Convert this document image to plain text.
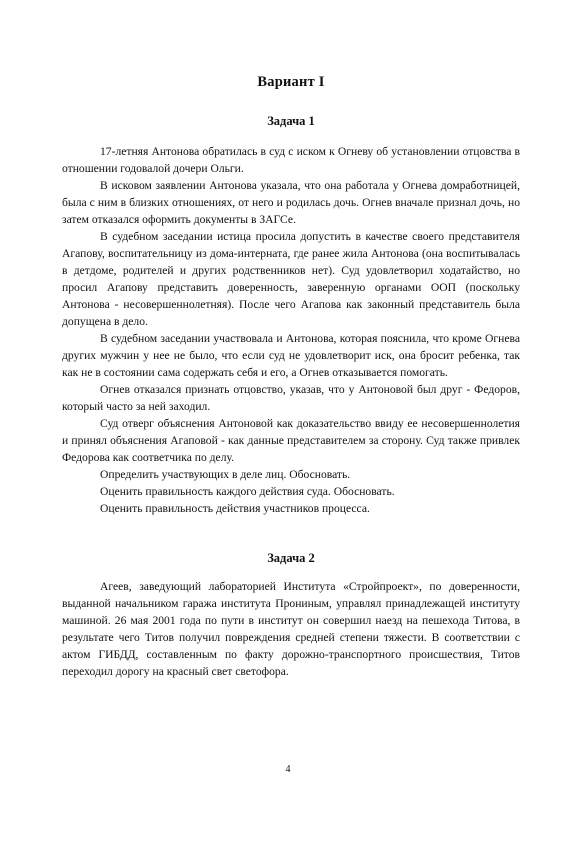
Вариант I
Задача 1

17-летняя Антонова обратилась в суд с иском к Огневу об установлении отцовства в отношении годовалой дочери Ольги.

В исковом заявлении Антонова указала, что она работала у Огнева домработницей, была с ним в близких отношениях, от него и родилась дочь. Огнев вначале признал дочь, но затем отказался оформить документы в ЗАГСе.

В судебном заседании истица просила допустить в качестве своего представителя Агапову, воспитательницу из дома-интерната, где ранее жила Антонова (она воспитывалась в детдоме, родителей и других родственников нет). Суд удовлетворил ходатайство, но просил Агапову представить доверенность, заверенную органами ООП (поскольку Антонова - несовершеннолетняя). После чего Агапова как законный представитель была допущена в дело.

В судебном заседании участвовала и Антонова, которая пояснила, что кроме Огнева других мужчин у нее не было, что если суд не удовлетворит иск, она бросит ребенка, так как не в состоянии сама содержать себя и его, а Огнев отказывается помогать.

Огнев отказался признать отцовство, указав, что у Антоновой был друг - Федоров, который часто за ней заходил.

Суд отверг объяснения Антоновой как доказательство ввиду ее несовершеннолетия и принял объяснения Агаповой - как данные представителем за сторону. Суд также привлек Федорова как соответчика по делу.

Определить участвующих в деле лиц. Обосновать.

Оценить правильность каждого действия суда. Обосновать.

Оценить правильность действия участников процесса.

Задача 2

Агеев, заведующий лабораторией Института «Стройпроект», по доверенности, выданной начальником гаража института Прониным, управлял принадлежащей институту машиной. 26 мая 2001 года по пути в институт он совершил наезд на пешехода Титова, в результате чего Титов получил повреждения средней степени тяжести. В соответствии с актом ГИБДД, составленным по факту дорожно-транспортного происшествия, Титов переходил дорогу на красный свет светофора.

4
